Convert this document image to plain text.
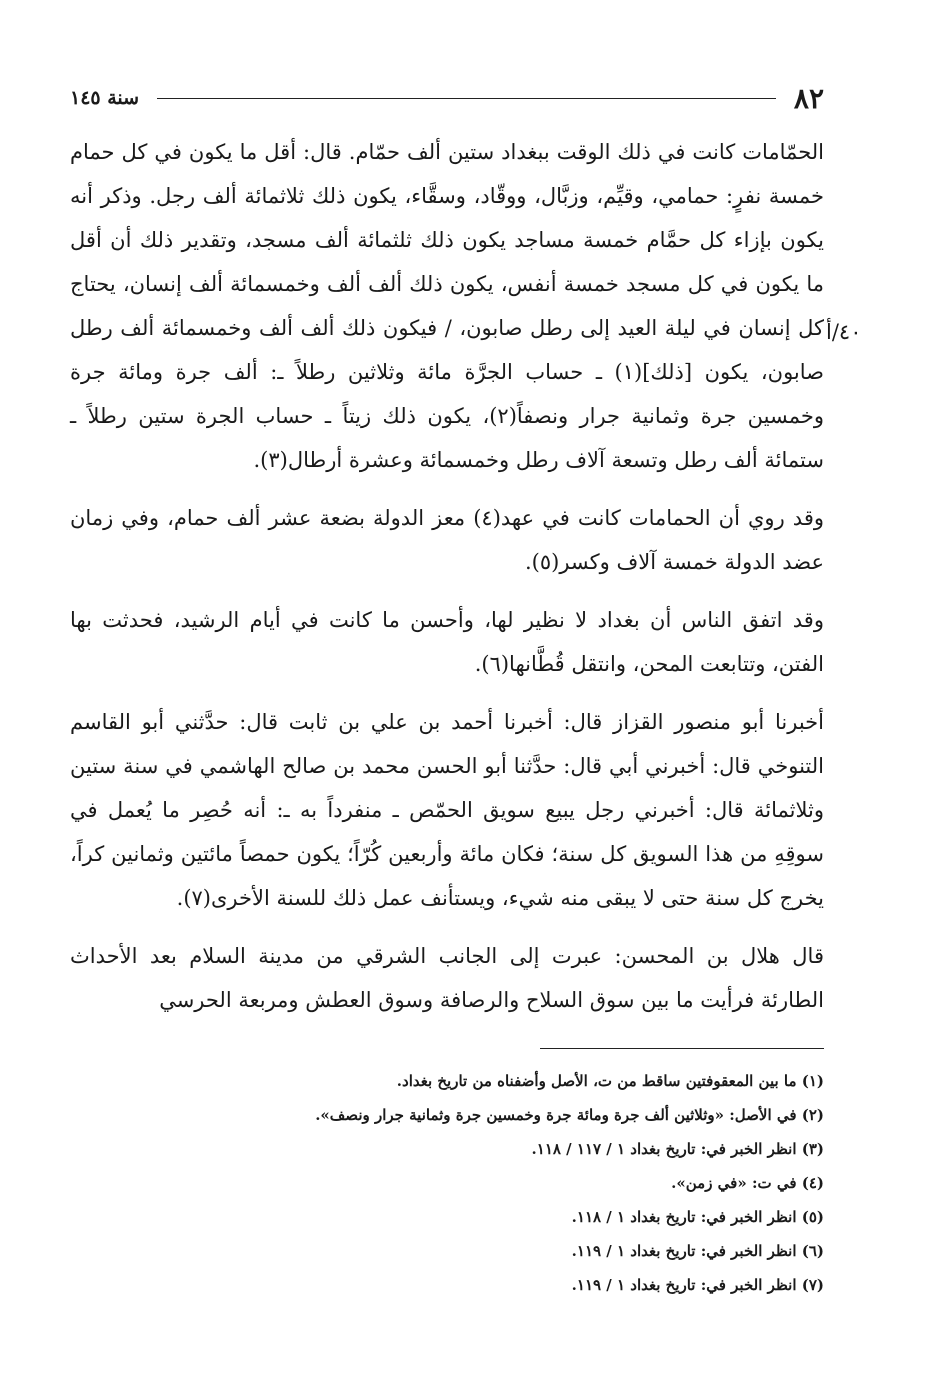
٨٢
سنة ١٤٥
٤٠/أ

الحمّامات كانت في ذلك الوقت ببغداد ستين ألف حمّام. قال: أقل ما يكون في كل حمام خمسة نفرٍ: حمامي، وقيِّم، وزبَّال، ووقّاد، وسقَّاء، يكون ذلك ثلاثمائة ألف رجل. وذكر أنه يكون بإزاء كل حمَّام خمسة مساجد يكون ذلك ثلثمائة ألف مسجد، وتقدير ذلك أن أقل ما يكون في كل مسجد خمسة أنفس، يكون ذلك ألف ألف وخمسمائة ألف إنسان، يحتاج كل إنسان في ليلة العيد إلى رطل صابون، / فيكون ذلك ألف ألف وخمسمائة ألف رطل صابون، يكون [ذلك](١) ـ حساب الجرَّة مائة وثلاثين رطلاً ـ: ألف جرة ومائة جرة وخمسين جرة وثمانية جرار ونصفاً(٢)، يكون ذلك زيتاً ـ حساب الجرة ستين رطلاً ـ ستمائة ألف رطل وتسعة آلاف رطل وخمسمائة وعشرة أرطال(٣).

وقد روي أن الحمامات كانت في عهد(٤) معز الدولة بضعة عشر ألف حمام، وفي زمان عضد الدولة خمسة آلاف وكسر(٥).

وقد اتفق الناس أن بغداد لا نظير لها، وأحسن ما كانت في أيام الرشيد، فحدثت بها الفتن، وتتابعت المحن، وانتقل قُطَّانها(٦).

أخبرنا أبو منصور القزاز قال: أخبرنا أحمد بن علي بن ثابت قال: حدَّثني أبو القاسم التنوخي قال: أخبرني أبي قال: حدَّثنا أبو الحسن محمد بن صالح الهاشمي في سنة ستين وثلاثمائة قال: أخبرني رجل يبيع سويق الحمّص ـ منفرداً به ـ: أنه حُصِر ما يُعمل في سوقِهِ من هذا السويق كل سنة؛ فكان مائة وأربعين كُرّاً؛ يكون حمصاً مائتين وثمانين كراً، يخرج كل سنة حتى لا يبقى منه شيء، ويستأنف عمل ذلك للسنة الأخرى(٧).

قال هلال بن المحسن: عبرت إلى الجانب الشرقي من مدينة السلام بعد الأحداث الطارئة فرأيت ما بين سوق السلاح والرصافة وسوق العطش ومربعة الحرسي

(١) ما بين المعقوفتين ساقط من ت، الأصل وأضفناه من تاريخ بغداد.
(٢) في الأصل: «وثلاثين ألف جرة ومائة جرة وخمسين جرة وثمانية جرار ونصف».
(٣) انظر الخبر في: تاريخ بغداد ١ / ١١٧ / ١١٨.
(٤) في ت: «في زمن».
(٥) انظر الخبر في: تاريخ بغداد ١ / ١١٨.
(٦) انظر الخبر في: تاريخ بغداد ١ / ١١٩.
(٧) انظر الخبر في: تاريخ بغداد ١ / ١١٩.
